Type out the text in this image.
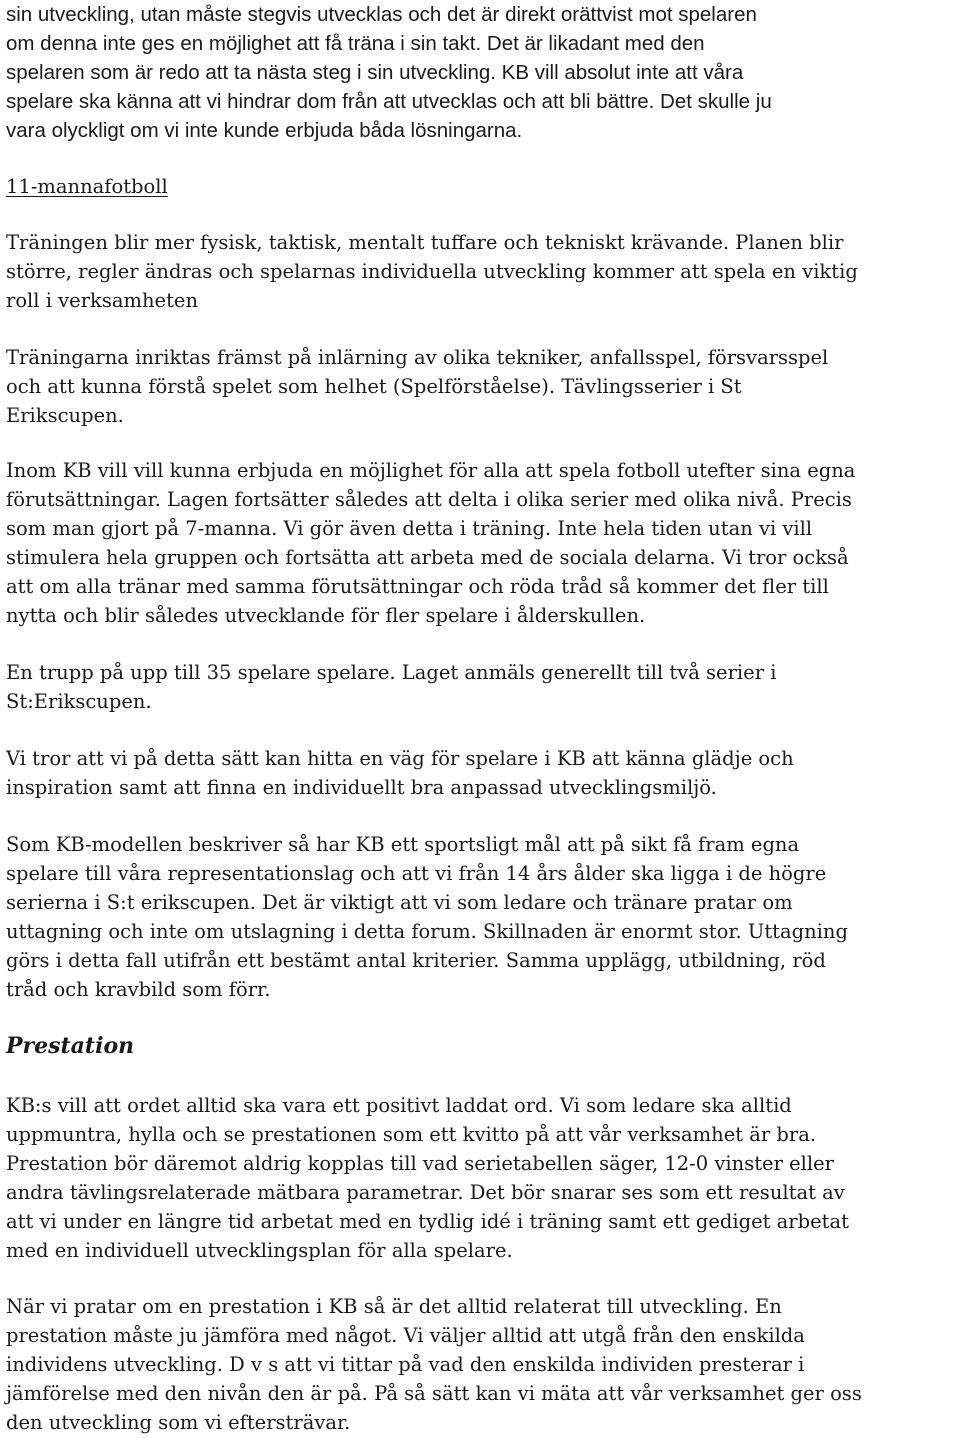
sin utveckling, utan måste stegvis utvecklas och det är direkt orättvist mot spelaren
om denna inte ges en möjlighet att få träna i sin takt. Det är likadant med den
spelaren som är redo att ta nästa steg i sin utveckling. KB vill absolut inte att våra
spelare ska känna att vi hindrar dom från att utvecklas och att bli bättre. Det skulle ju
vara olyckligt om vi inte kunde erbjuda båda lösningarna.
11-mannafotboll
Träningen blir mer fysisk, taktisk, mentalt tuffare och tekniskt krävande. Planen blir
större, regler ändras och spelarnas individuella utveckling kommer att spela en viktig
roll i verksamheten
Träningarna inriktas främst på inlärning av olika tekniker, anfallsspel, försvarsspel
och att kunna förstå spelet som helhet (Spelförståelse). Tävlingsserier i St
Erikscupen.
Inom KB vill vill kunna erbjuda en möjlighet för alla att spela fotboll utefter sina egna
förutsättningar. Lagen fortsätter således att delta i olika serier med olika nivå. Precis
som man gjort på 7-manna. Vi gör även detta i träning. Inte hela tiden utan vi vill
stimulera hela gruppen och fortsätta att arbeta med de sociala delarna. Vi tror också
att om alla tränar med samma förutsättningar och röda tråd så kommer det fler till
nytta och blir således utvecklande för fler spelare i ålderskullen.
En trupp på upp till 35 spelare spelare. Laget anmäls generellt till två serier i
St:Erikscupen.
Vi tror att vi på detta sätt kan hitta en väg för spelare i KB att känna glädje och
inspiration samt att finna en individuellt bra anpassad utvecklingsmiljö.
Som KB-modellen beskriver så har KB ett sportsligt mål att på sikt få fram egna
spelare till våra representationslag och att vi från 14 års ålder ska ligga i de högre
serierna i S:t erikscupen. Det är viktigt att vi som ledare och tränare pratar om
uttagning och inte om utslagning i detta forum. Skillnaden är enormt stor. Uttagning
görs i detta fall utifrån ett bestämt antal kriterier. Samma upplägg, utbildning, röd
tråd och kravbild som förr.
Prestation
KB:s vill att ordet alltid ska vara ett positivt laddat ord. Vi som ledare ska alltid
uppmuntra, hylla och se prestationen som ett kvitto på att vår verksamhet är bra.
Prestation bör däremot aldrig kopplas till vad serietabellen säger, 12-0 vinster eller
andra tävlingsrelaterade mätbara parametrar. Det bör snarar ses som ett resultat av
att vi under en längre tid arbetat med en tydlig idé i träning samt ett gediget arbetat
med en individuell utvecklingsplan för alla spelare.
När vi pratar om en prestation i KB så är det alltid relaterat till utveckling. En
prestation måste ju jämföra med något. Vi väljer alltid att utgå från den enskilda
individens utveckling. D v s att vi tittar på vad den enskilda individen presterar i
jämförelse med den nivån den är på. På så sätt kan vi mäta att vår verksamhet ger oss
den utveckling som vi eftersträvar.
